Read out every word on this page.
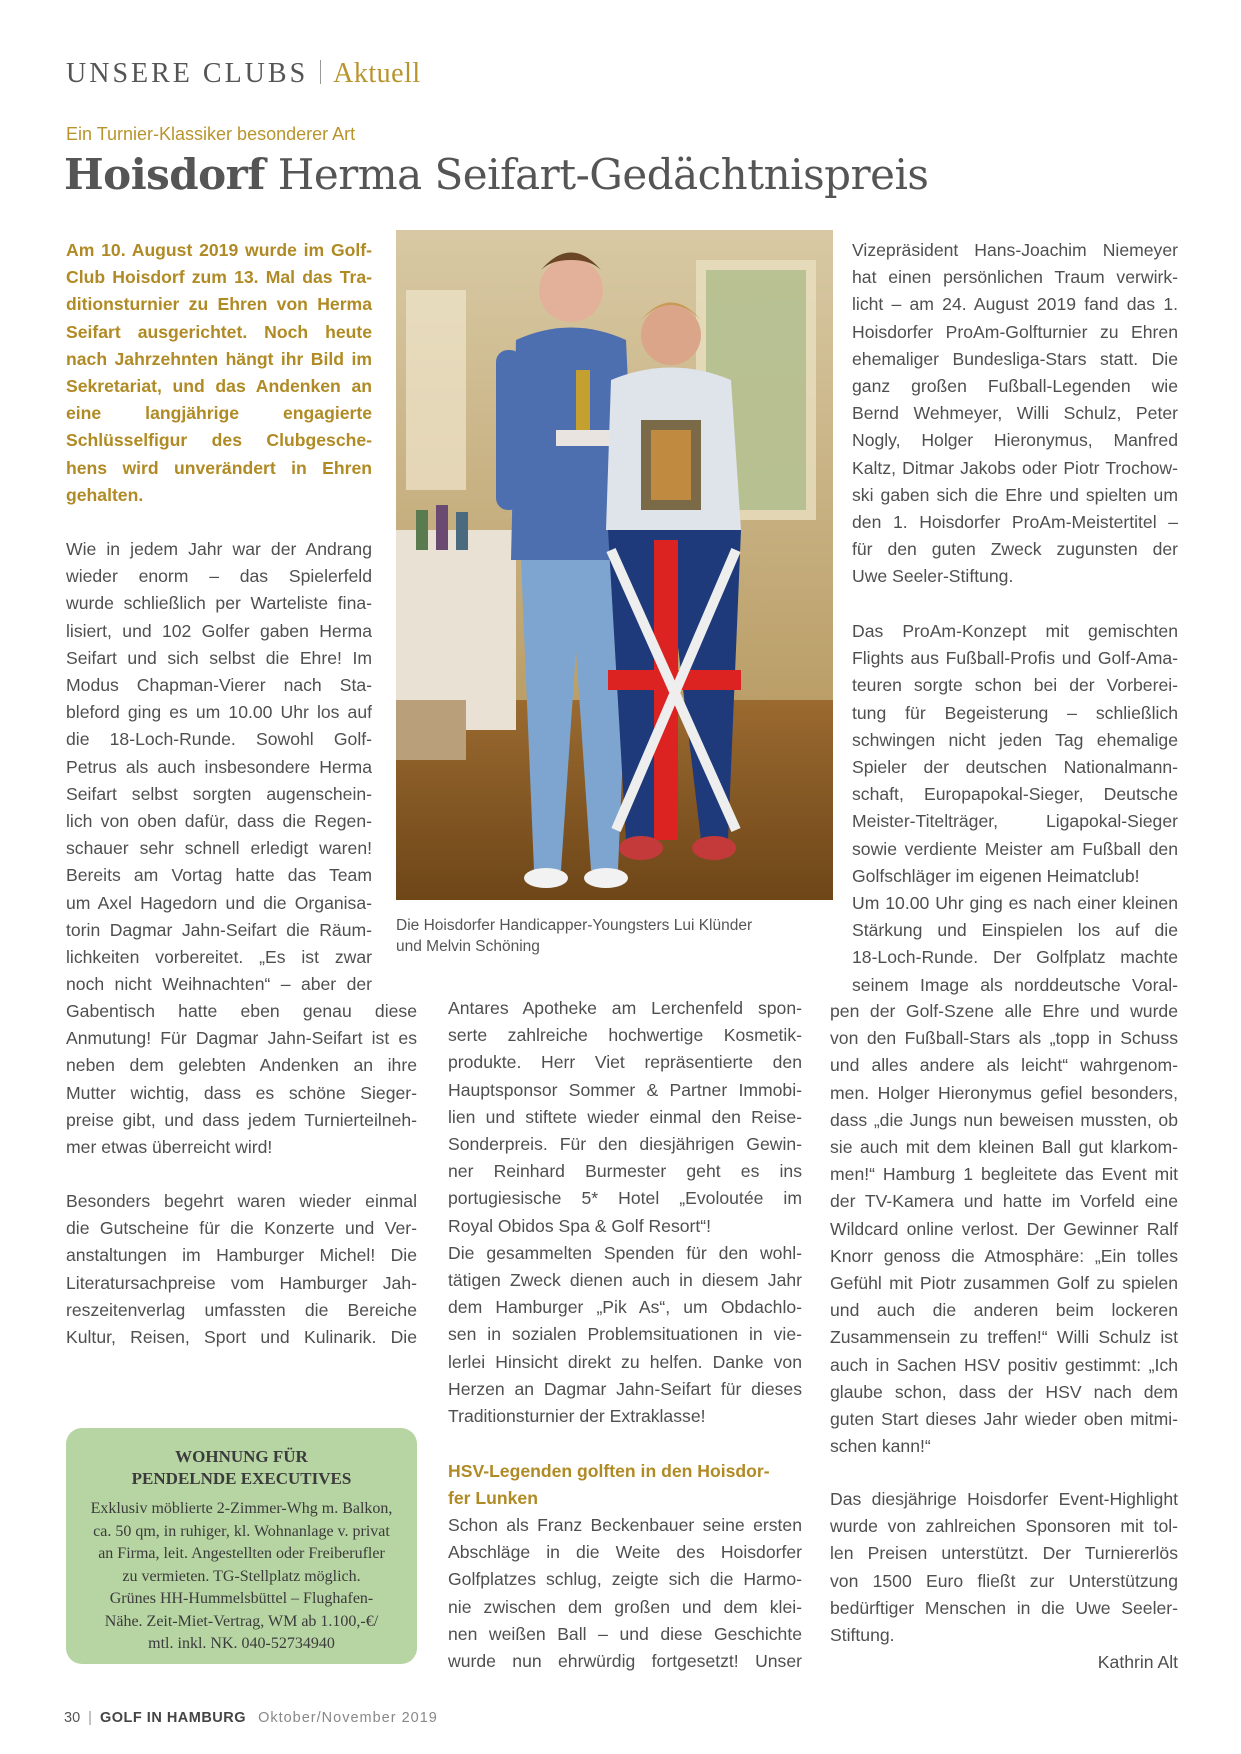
UNSERE CLUBS Aktuell
Ein Turnier-Klassiker besonderer Art
Hoisdorf Herma Seifart-Gedächtnispreis
Am 10. August 2019 wurde im Golf-
Club Hoisdorf zum 13. Mal das Tra-
ditionsturnier zu Ehren von Herma
Seifart ausgerichtet. Noch heute
nach Jahrzehnten hängt ihr Bild im
Sekretariat, und das Andenken an
eine langjährige engagierte
Schlüsselfigur des Clubgesche-
hens wird unverändert in Ehren
gehalten.
Wie in jedem Jahr war der Andrang
wieder enorm – das Spielerfeld
wurde schließlich per Warteliste fina-
lisiert, und 102 Golfer gaben Herma
Seifart und sich selbst die Ehre! Im
Modus Chapman-Vierer nach Sta-
bleford ging es um 10.00 Uhr los auf
die 18-Loch-Runde. Sowohl Golf-
Petrus als auch insbesondere Herma
Seifart selbst sorgten augenschein-
lich von oben dafür, dass die Regen-
schauer sehr schnell erledigt waren!
Bereits am Vortag hatte das Team
um Axel Hagedorn und die Organisa-
torin Dagmar Jahn-Seifart die Räum-
lichkeiten vorbereitet. „Es ist zwar
noch nicht Weihnachten“ – aber der
Gabentisch hatte eben genau diese
Anmutung! Für Dagmar Jahn-Seifart ist es
neben dem gelebten Andenken an ihre
Mutter wichtig, dass es schöne Sieger-
preise gibt, und dass jedem Turnierteilneh-
mer etwas überreicht wird!
Besonders begehrt waren wieder einmal
die Gutscheine für die Konzerte und Ver-
anstaltungen im Hamburger Michel! Die
Literatursachpreise vom Hamburger Jah-
reszeitenverlag umfassten die Bereiche
Kultur, Reisen, Sport und Kulinarik. Die
Die Hoisdorfer Handicapper-Youngsters Lui Klünder
und Melvin Schöning
Antares Apotheke am Lerchenfeld spon-
serte zahlreiche hochwertige Kosmetik-
produkte. Herr Viet repräsentierte den
Hauptsponsor Sommer & Partner Immobi-
lien und stiftete wieder einmal den Reise-
Sonderpreis. Für den diesjährigen Gewin-
ner Reinhard Burmester geht es ins
portugiesische 5* Hotel „Evoloutée im
Royal Obidos Spa & Golf Resort“!
Die gesammelten Spenden für den wohl-
tätigen Zweck dienen auch in diesem Jahr
dem Hamburger „Pik As“, um Obdachlo-
sen in sozialen Problemsituationen in vie-
lerlei Hinsicht direkt zu helfen. Danke von
Herzen an Dagmar Jahn-Seifart für dieses
Traditionsturnier der Extraklasse!
HSV-Legenden golften in den Hoisdor-
fer Lunken
Schon als Franz Beckenbauer seine ersten
Abschläge in die Weite des Hoisdorfer
Golfplatzes schlug, zeigte sich die Harmo-
nie zwischen dem großen und dem klei-
nen weißen Ball – und diese Geschichte
wurde nun ehrwürdig fortgesetzt! Unser
Vizepräsident Hans-Joachim Niemeyer
hat einen persönlichen Traum verwirk-
licht – am 24. August 2019 fand das 1.
Hoisdorfer ProAm-Golfturnier zu Ehren
ehemaliger Bundesliga-Stars statt. Die
ganz großen Fußball-Legenden wie
Bernd Wehmeyer, Willi Schulz, Peter
Nogly, Holger Hieronymus, Manfred
Kaltz, Ditmar Jakobs oder Piotr Trochow-
ski gaben sich die Ehre und spielten um
den 1. Hoisdorfer ProAm-Meistertitel –
für den guten Zweck zugunsten der
Uwe Seeler-Stiftung.
Das ProAm-Konzept mit gemischten
Flights aus Fußball-Profis und Golf-Ama-
teuren sorgte schon bei der Vorberei-
tung für Begeisterung – schließlich
schwingen nicht jeden Tag ehemalige
Spieler der deutschen Nationalmann-
schaft, Europapokal-Sieger, Deutsche
Meister-Titelträger, Ligapokal-Sieger
sowie verdiente Meister am Fußball den
Golfschläger im eigenen Heimatclub!
Um 10.00 Uhr ging es nach einer kleinen
Stärkung und Einspielen los auf die
18-Loch-Runde. Der Golfplatz machte
seinem Image als norddeutsche Voral-
pen der Golf-Szene alle Ehre und wurde
von den Fußball-Stars als „topp in Schuss
und alles andere als leicht“ wahrgenom-
men. Holger Hieronymus gefiel besonders,
dass „die Jungs nun beweisen mussten, ob
sie auch mit dem kleinen Ball gut klarkom-
men!“ Hamburg 1 begleitete das Event mit
der TV-Kamera und hatte im Vorfeld eine
Wildcard online verlost. Der Gewinner Ralf
Knorr genoss die Atmosphäre: „Ein tolles
Gefühl mit Piotr zusammen Golf zu spielen
und auch die anderen beim lockeren
Zusammensein zu treffen!“ Willi Schulz ist
auch in Sachen HSV positiv gestimmt: „Ich
glaube schon, dass der HSV nach dem
guten Start dieses Jahr wieder oben mitmi-
schen kann!“
Das diesjährige Hoisdorfer Event-Highlight
wurde von zahlreichen Sponsoren mit tol-
len Preisen unterstützt. Der Turniererlös
von 1500 Euro fließt zur Unterstützung
bedürftiger Menschen in die Uwe Seeler-
Stiftung.
Kathrin Alt
WOHNUNG FÜR
PENDELNDE EXECUTIVES
Exklusiv möblierte 2-Zimmer-Whg m. Balkon,
ca. 50 qm, in ruhiger, kl. Wohnanlage v. privat
an Firma, leit. Angestellten oder Freiberufler
zu vermieten. TG-Stellplatz möglich.
Grünes HH-Hummelsbüttel – Flughafen-
Nähe. Zeit-Miet-Vertrag, WM ab 1.100,-€/
mtl. inkl. NK. 040-52734940
30 | GOLF IN HAMBURG Oktober/November 2019
